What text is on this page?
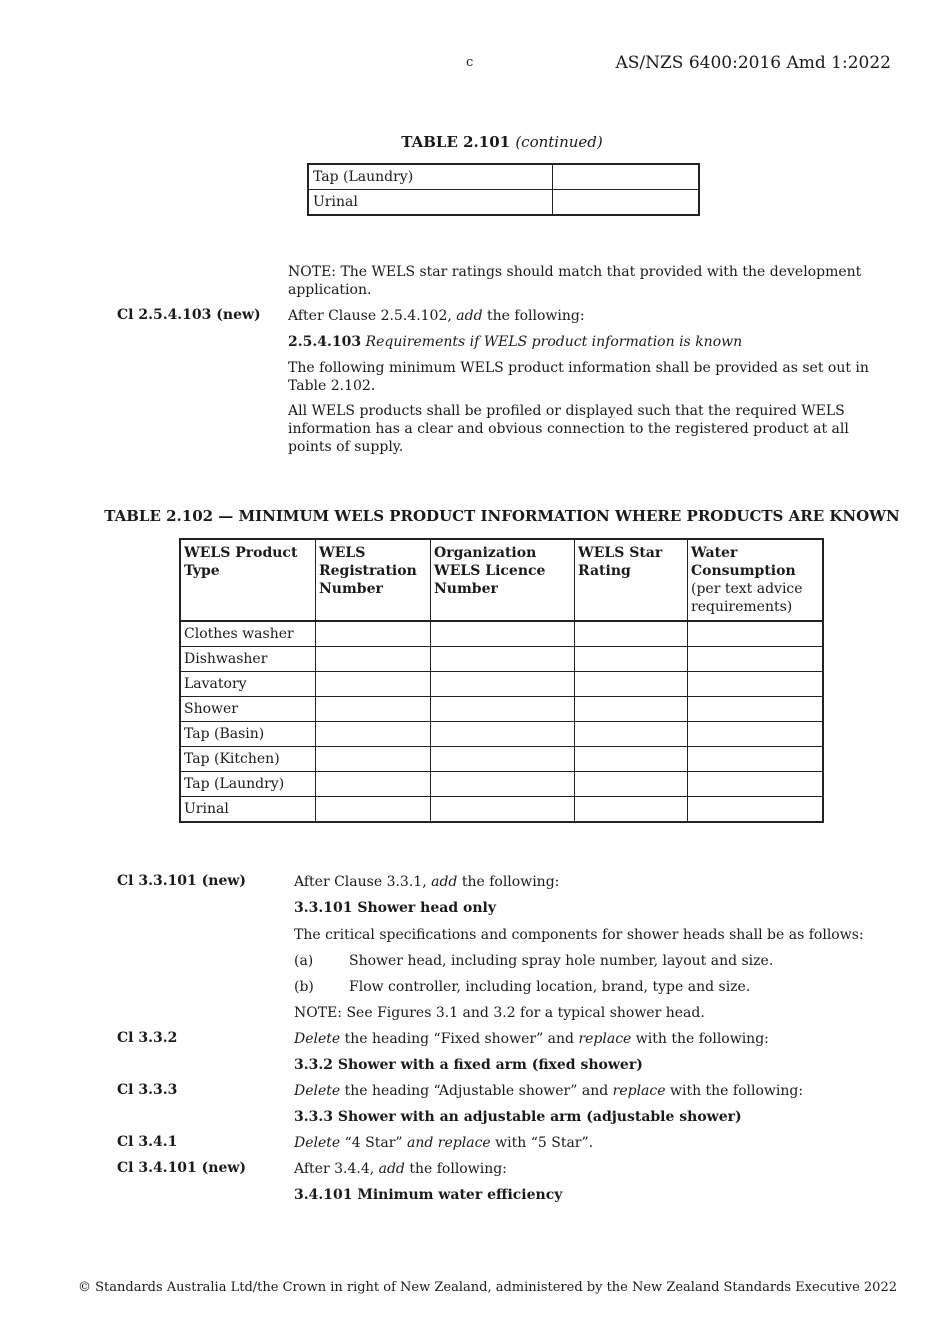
c	AS/NZS 6400:2016 Amd 1:2022
TABLE 2.101 (continued)
Tap (Laundry)	
Urinal	
NOTE: The WELS star ratings should match that provided with the development application.
Cl 2.5.4.103 (new) After Clause 2.5.4.102, add the following:
2.5.4.103 Requirements if WELS product information is known
The following minimum WELS product information shall be provided as set out in Table 2.102.
All WELS products shall be profiled or displayed such that the required WELS information has a clear and obvious connection to the registered product at all points of supply.
TABLE 2.102 — MINIMUM WELS PRODUCT INFORMATION WHERE PRODUCTS ARE KNOWN
WELS Product Type	WELS Registration Number	Organization WELS Licence Number	WELS Star Rating	Water Consumption
(per text advice requirements)
Clothes washer				
Dishwasher				
Lavatory				
Shower				
Tap (Basin)				
Tap (Kitchen)				
Tap (Laundry)				
Urinal				
Cl 3.3.101 (new)	After Clause 3.3.1, add the following:
3.3.101 Shower head only
The critical specifications and components for shower heads shall be as follows:
(a)	Shower head, including spray hole number, layout and size.
(b)	Flow controller, including location, brand, type and size.
NOTE: See Figures 3.1 and 3.2 for a typical shower head.
Cl 3.3.2	Delete the heading “Fixed shower” and replace with the following:
3.3.2 Shower with a fixed arm (fixed shower)
Cl 3.3.3	Delete the heading “Adjustable shower” and replace with the following:
3.3.3 Shower with an adjustable arm (adjustable shower)
Cl 3.4.1	Delete “4 Star” and replace with “5 Star”.
Cl 3.4.101 (new)	After 3.4.4, add the following:
3.4.101 Minimum water efficiency
© Standards Australia Ltd/the Crown in right of New Zealand, administered by the New Zealand Standards Executive 2022
